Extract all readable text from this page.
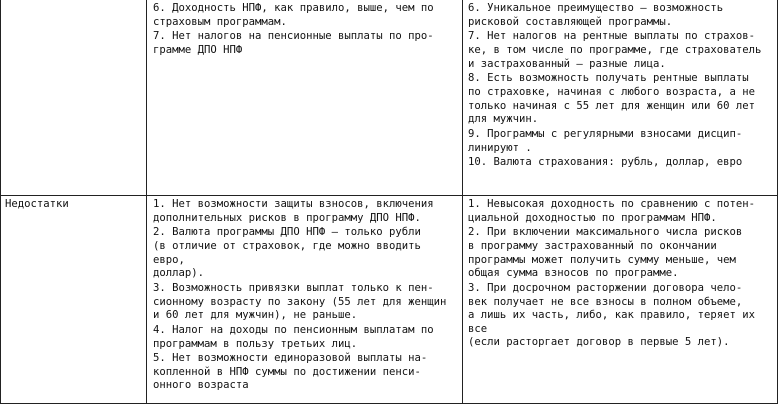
6. Доходность НПФ, как правило, выше, чем по
страховым программам.
7. Нет налогов на пенсионные выплаты по про-
грамме ДПО НПФ
6. Уникальное преимущество — возможность
рисковой составляющей программы.
7. Нет налогов на рентные выплаты по страхов-
ке, в том числе по программе, где страхователь
и застрахованный — разные лица.
8. Есть возможность получать рентные выплаты
по страховке, начиная с любого возраста, а не
только начиная с 55 лет для женщин или 60 лет
для мужчин.
9. Программы с регулярными взносами дисцип-
линируют .
10. Валюта страхования: рубль, доллар, евро
Недостатки	1. Нет возможности защиты взносов, включения
дополнительных рисков в программу ДПО НПФ.
2. Валюта программы ДПО НПФ — только рубли
(в отличие от страховок, где можно вводить евро,
доллар).
3. Возможность привязки выплат только к пен-
сионному возрасту по закону (55 лет для женщин
и 60 лет для мужчин), не раньше.
4. Налог на доходы по пенсионным выплатам по
программам в пользу третьих лиц.
5. Нет возможности единоразовой выплаты на-
копленной в НПФ суммы по достижении пенси-
онного возраста
1. Невысокая доходность по сравнению с потен-
циальной доходностью по программам НПФ.
2. При включении максимального числа рисков
в программу застрахованный по окончании
программы может получить сумму меньше, чем
общая сумма взносов по программе.
3. При досрочном расторжении договора чело-
век получает не все взносы в полном объеме,
а лишь их часть, либо, как правило, теряет их все
(если расторгает договор в первые 5 лет).
